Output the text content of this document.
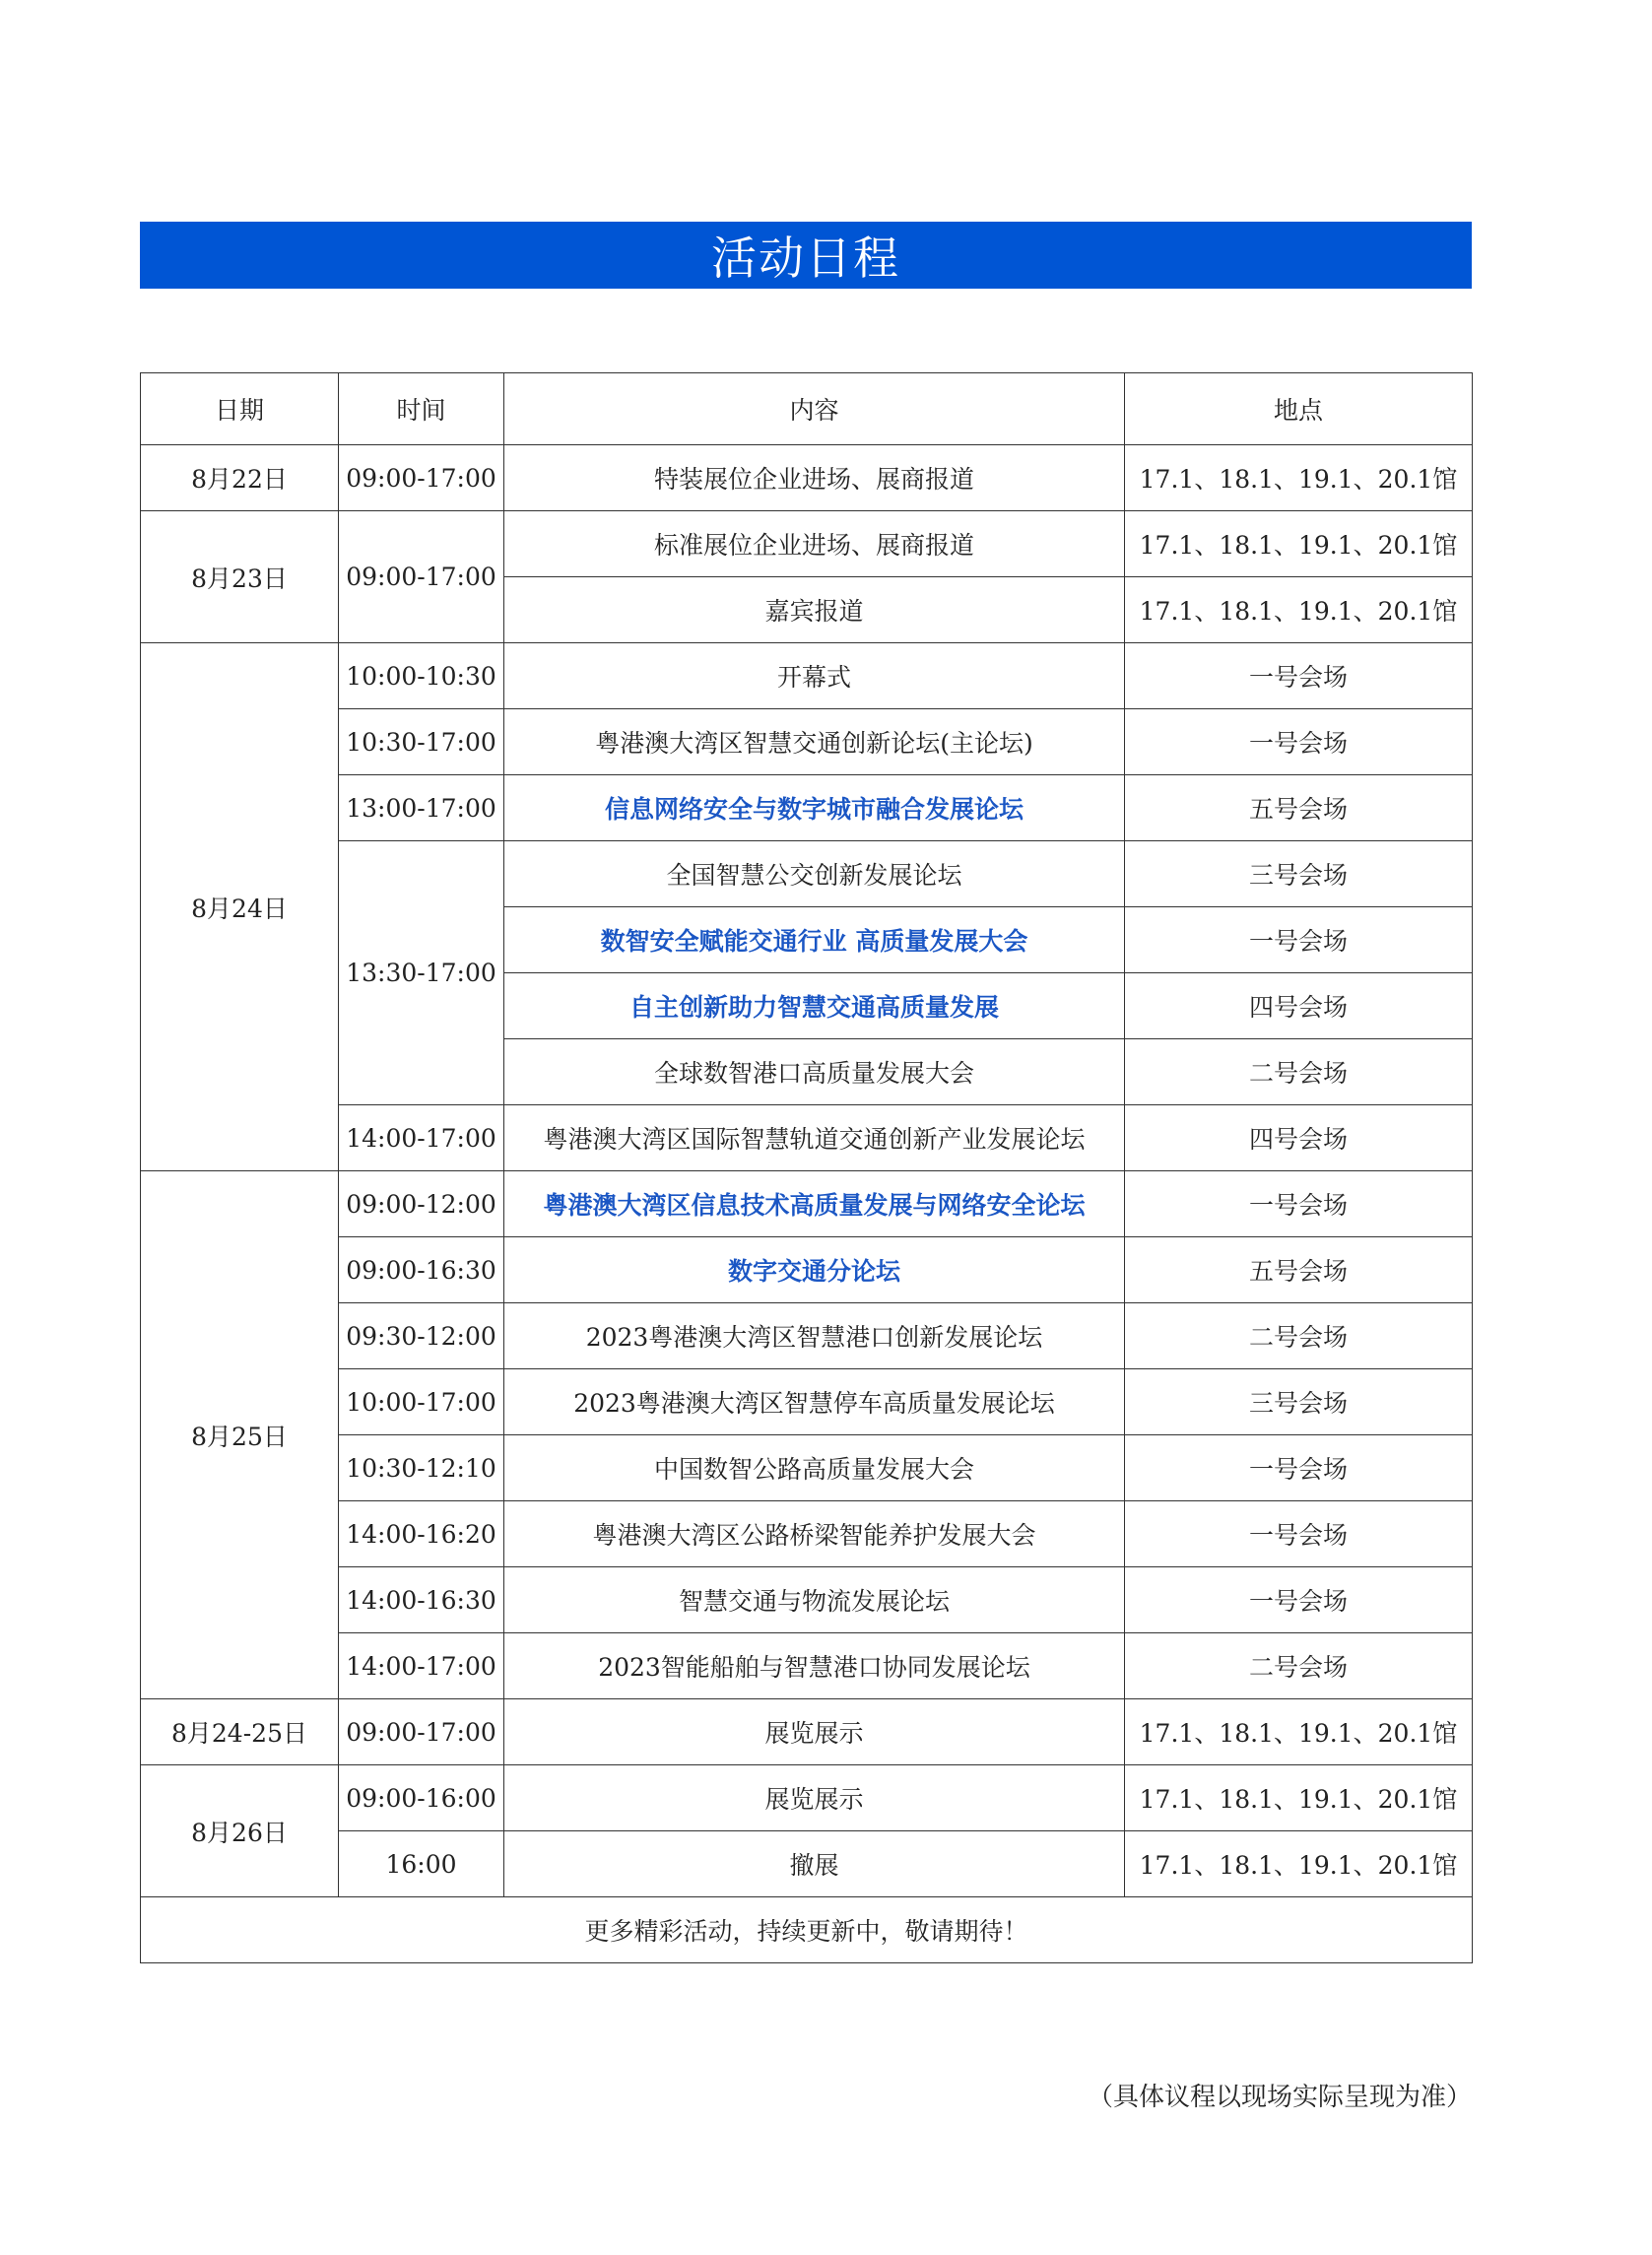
活动日程
日期	时间	内容	地点
8月22日	09:00-17:00	特装展位企业进场、展商报道	17.1、18.1、19.1、20.1馆
8月23日	09:00-17:00	标准展位企业进场、展商报道	17.1、18.1、19.1、20.1馆
		嘉宾报道	17.1、18.1、19.1、20.1馆
8月24日	10:00-10:30	开幕式	一号会场
	10:30-17:00	粤港澳大湾区智慧交通创新论坛(主论坛)	一号会场
	13:00-17:00	信息网络安全与数字城市融合发展论坛	五号会场
	13:30-17:00	全国智慧公交创新发展论坛	三号会场
		数智安全赋能交通行业 高质量发展大会	一号会场
		自主创新助力智慧交通高质量发展	四号会场
		全球数智港口高质量发展大会	二号会场
	14:00-17:00	粤港澳大湾区国际智慧轨道交通创新产业发展论坛	四号会场
8月25日	09:00-12:00	粤港澳大湾区信息技术高质量发展与网络安全论坛	一号会场
	09:00-16:30	数字交通分论坛	五号会场
	09:30-12:00	2023粤港澳大湾区智慧港口创新发展论坛	二号会场
	10:00-17:00	2023粤港澳大湾区智慧停车高质量发展论坛	三号会场
	10:30-12:10	中国数智公路高质量发展大会	一号会场
	14:00-16:20	粤港澳大湾区公路桥梁智能养护发展大会	一号会场
	14:00-16:30	智慧交通与物流发展论坛	一号会场
	14:00-17:00	2023智能船舶与智慧港口协同发展论坛	二号会场
8月24-25日	09:00-17:00	展览展示	17.1、18.1、19.1、20.1馆
8月26日	09:00-16:00	展览展示	17.1、18.1、19.1、20.1馆
	16:00	撤展	17.1、18.1、19.1、20.1馆
更多精彩活动，持续更新中，敬请期待！			
（具体议程以现场实际呈现为准）
